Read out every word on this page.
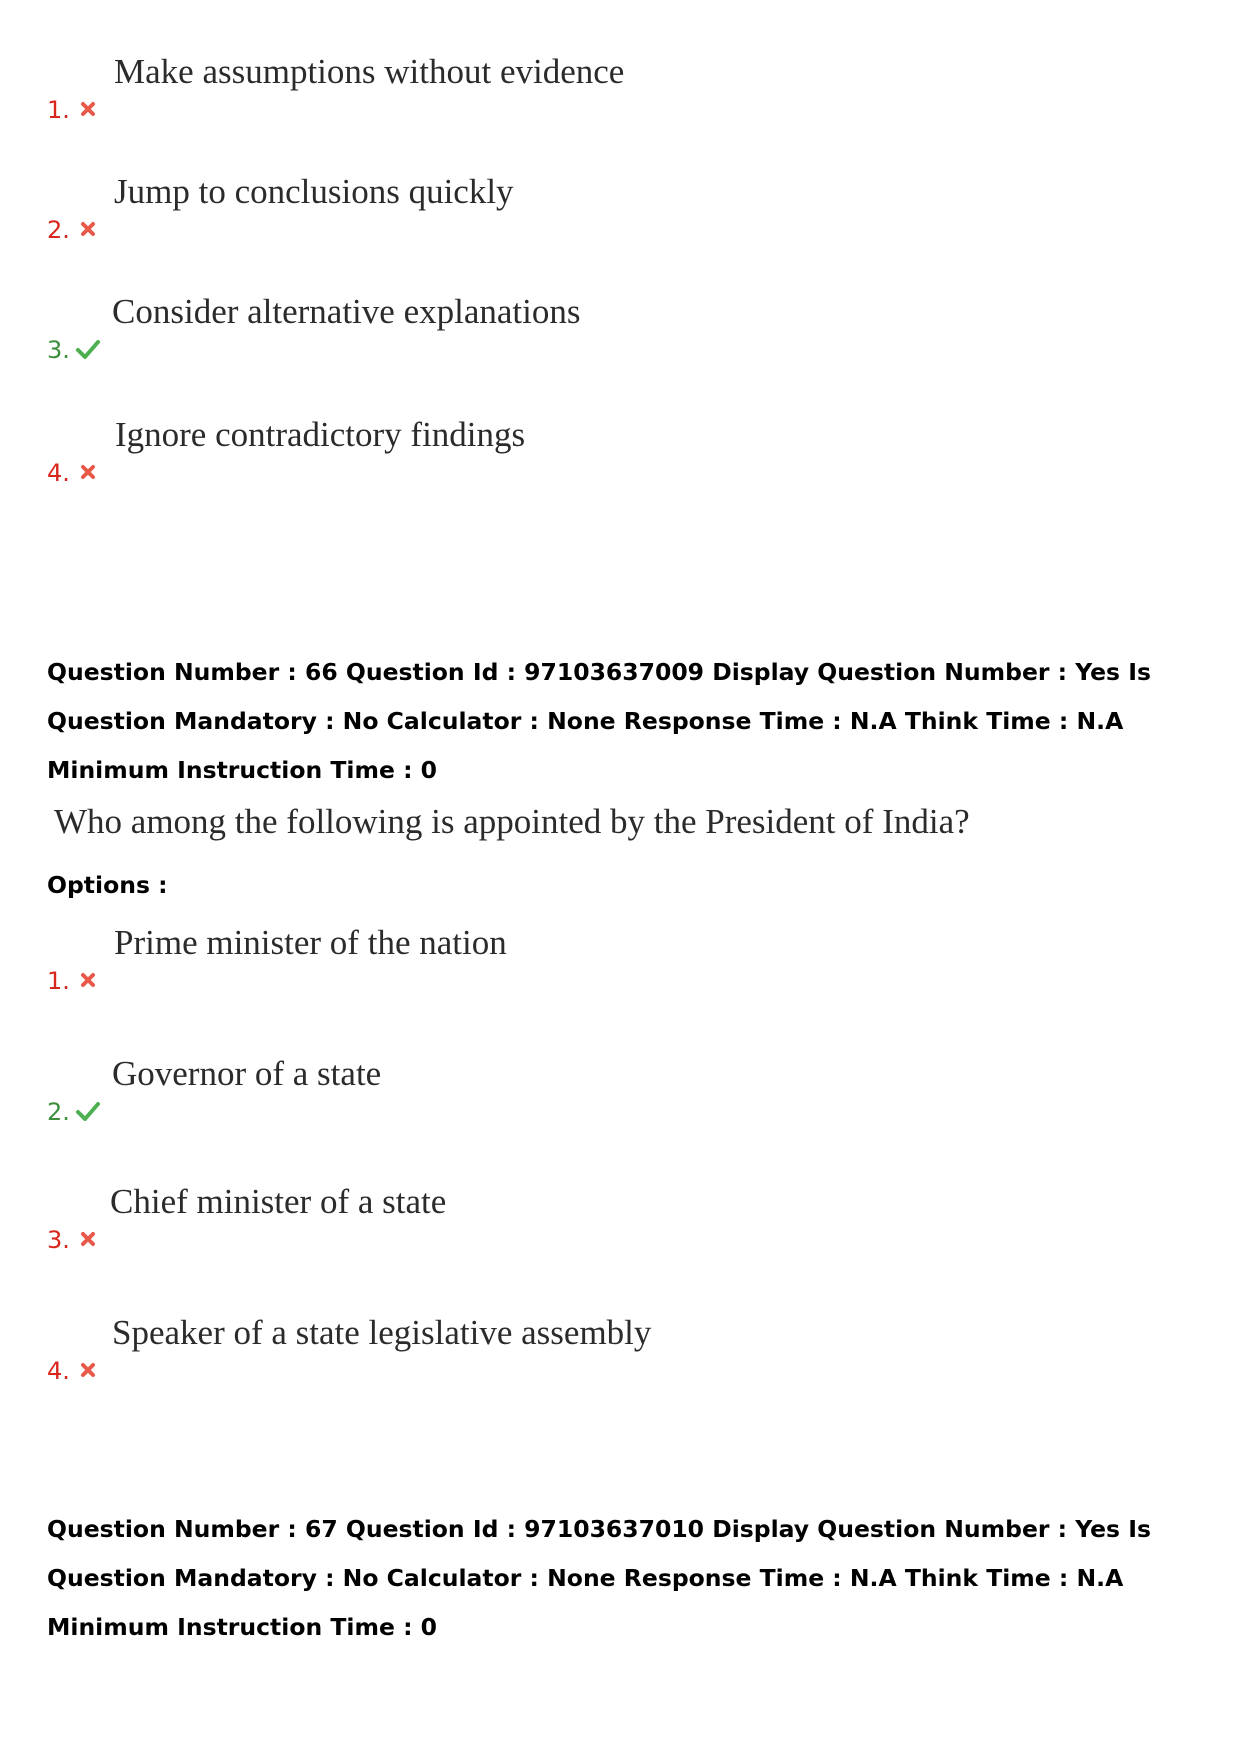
1.
Make assumptions without evidence
2.
Jump to conclusions quickly
3.
Consider alternative explanations
4.
Ignore contradictory findings

Question Number : 66 Question Id : 97103637009 Display Question Number : Yes Is Question Mandatory : No Calculator : None Response Time : N.A Think Time : N.A Minimum Instruction Time : 0

Who among the following is appointed by the President of India?

Options :
1.
Prime minister of the nation
2.
Governor of a state
3.
Chief minister of a state
4.
Speaker of a state legislative assembly

Question Number : 67 Question Id : 97103637010 Display Question Number : Yes Is Question Mandatory : No Calculator : None Response Time : N.A Think Time : N.A Minimum Instruction Time : 0
